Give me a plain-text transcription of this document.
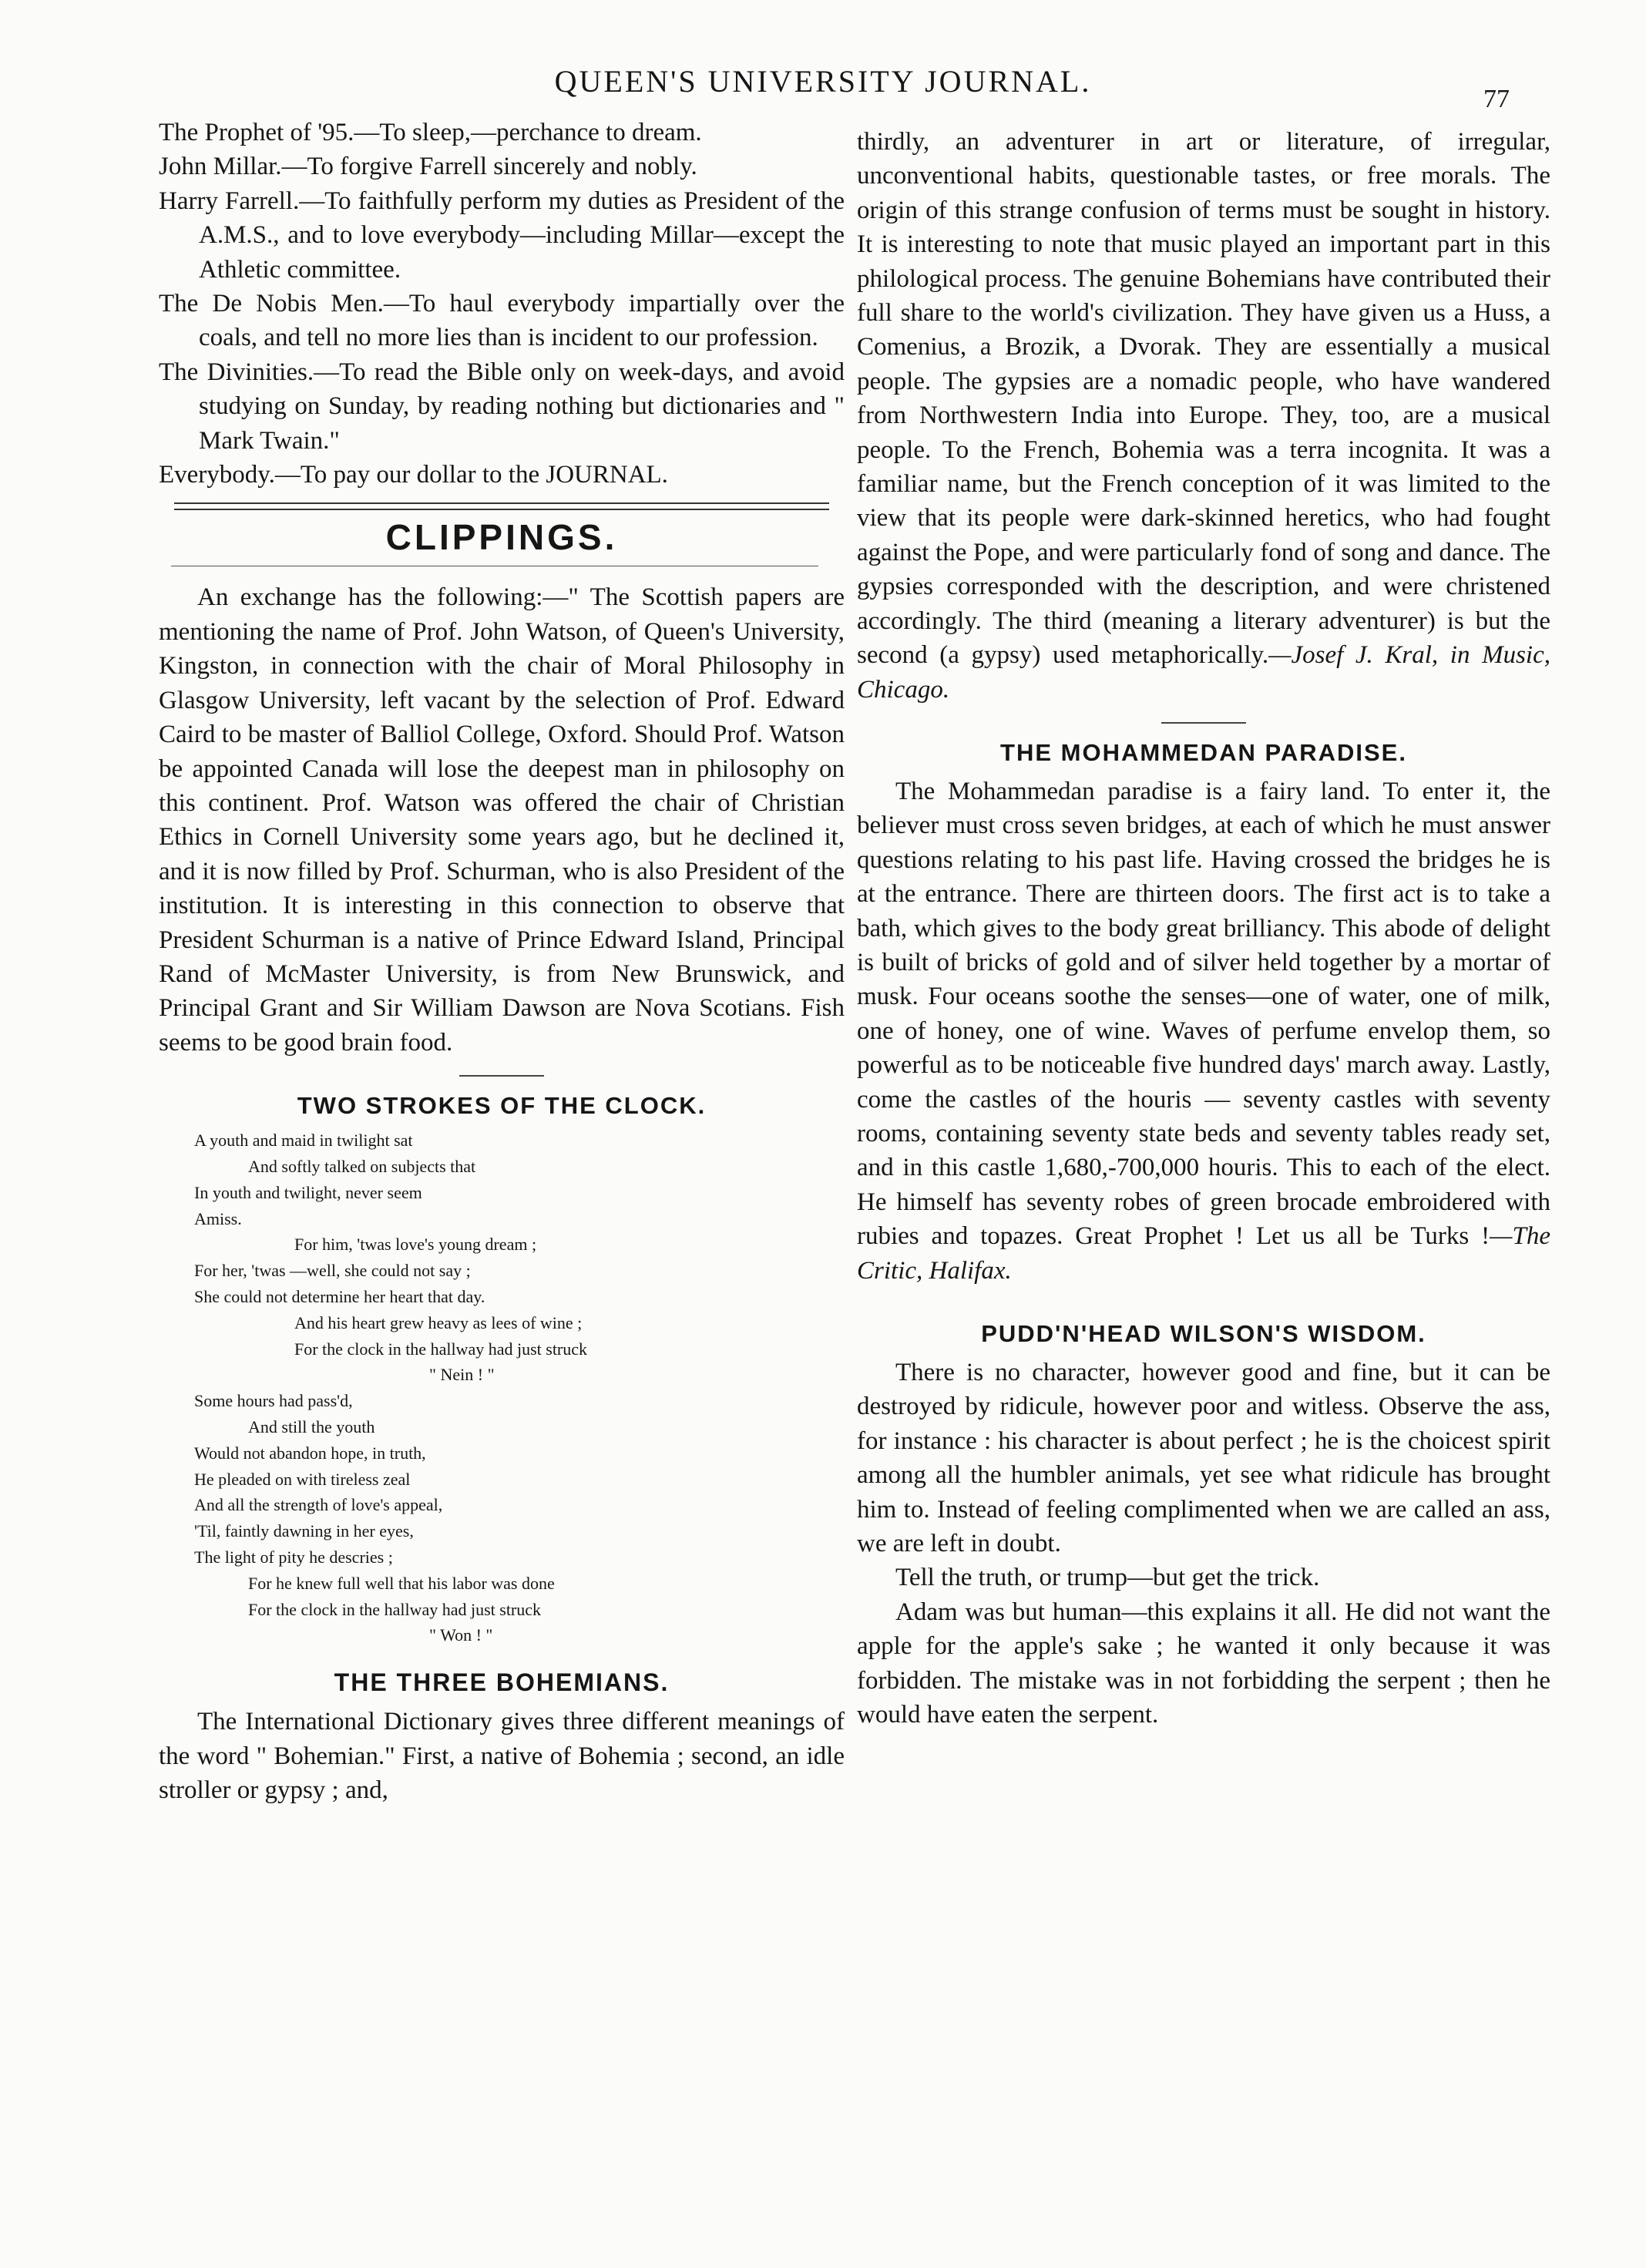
QUEEN'S UNIVERSITY JOURNAL.
77

The Prophet of '95.—To sleep,—perchance to dream.

John Millar.—To forgive Farrell sincerely and nobly.

Harry Farrell.—To faithfully perform my duties as President of the A.M.S., and to love everybody—including Millar—except the Athletic committee.

The De Nobis Men.—To haul everybody impartially over the coals, and tell no more lies than is incident to our profession.

The Divinities.—To read the Bible only on week-days, and avoid studying on Sunday, by reading nothing but dictionaries and " Mark Twain."

Everybody.—To pay our dollar to the JOURNAL.

CLIPPINGS.

An exchange has the following:—" The Scottish papers are mentioning the name of Prof. John Watson, of Queen's University, Kingston, in connection with the chair of Moral Philosophy in Glasgow University, left vacant by the selection of Prof. Edward Caird to be master of Balliol College, Oxford. Should Prof. Watson be appointed Canada will lose the deepest man in philosophy on this continent. Prof. Watson was offered the chair of Christian Ethics in Cornell University some years ago, but he declined it, and it is now filled by Prof. Schurman, who is also President of the institution. It is interesting in this connection to observe that President Schurman is a native of Prince Edward Island, Principal Rand of McMaster University, is from New Brunswick, and Principal Grant and Sir William Dawson are Nova Scotians. Fish seems to be good brain food.

TWO STROKES OF THE CLOCK.
A youth and maid in twilight sat
And softly talked on subjects that
In youth and twilight, never seem
Amiss.
For him, 'twas love's young dream ;
For her, 'twas —well, she could not say ;
She could not determine her heart that day.
And his heart grew heavy as lees of wine ;
For the clock in the hallway had just struck
" Nein ! "
Some hours had pass'd,
And still the youth
Would not abandon hope, in truth,
He pleaded on with tireless zeal
And all the strength of love's appeal,
'Til, faintly dawning in her eyes,
The light of pity he descries ;
For he knew full well that his labor was done
For the clock in the hallway had just struck
" Won ! "
THE THREE BOHEMIANS.

The International Dictionary gives three different meanings of the word " Bohemian." First, a native of Bohemia ; second, an idle stroller or gypsy ; and,

thirdly, an adventurer in art or literature, of irregular, unconventional habits, questionable tastes, or free morals. The origin of this strange confusion of terms must be sought in history. It is interesting to note that music played an important part in this philological process. The genuine Bohemians have contributed their full share to the world's civilization. They have given us a Huss, a Comenius, a Brozik, a Dvorak. They are essentially a musical people. The gypsies are a nomadic people, who have wandered from Northwestern India into Europe. They, too, are a musical people. To the French, Bohemia was a terra incognita. It was a familiar name, but the French conception of it was limited to the view that its people were dark-skinned heretics, who had fought against the Pope, and were particularly fond of song and dance. The gypsies corresponded with the description, and were christened accordingly. The third (meaning a literary adventurer) is but the second (a gypsy) used metaphorically.—Josef J. Kral, in Music, Chicago.

THE MOHAMMEDAN PARADISE.

The Mohammedan paradise is a fairy land. To enter it, the believer must cross seven bridges, at each of which he must answer questions relating to his past life. Having crossed the bridges he is at the entrance. There are thirteen doors. The first act is to take a bath, which gives to the body great brilliancy. This abode of delight is built of bricks of gold and of silver held together by a mortar of musk. Four oceans soothe the senses—one of water, one of milk, one of honey, one of wine. Waves of perfume envelop them, so powerful as to be noticeable five hundred days' march away. Lastly, come the castles of the houris — seventy castles with seventy rooms, containing seventy state beds and seventy tables ready set, and in this castle 1,680,-700,000 houris. This to each of the elect. He himself has seventy robes of green brocade embroidered with rubies and topazes. Great Prophet ! Let us all be Turks !—The Critic, Halifax.

PUDD'N'HEAD WILSON'S WISDOM.

There is no character, however good and fine, but it can be destroyed by ridicule, however poor and witless. Observe the ass, for instance : his character is about perfect ; he is the choicest spirit among all the humbler animals, yet see what ridicule has brought him to. Instead of feeling complimented when we are called an ass, we are left in doubt.

Tell the truth, or trump—but get the trick.

Adam was but human—this explains it all. He did not want the apple for the apple's sake ; he wanted it only because it was forbidden. The mistake was in not forbidding the serpent ; then he would have eaten the serpent.
